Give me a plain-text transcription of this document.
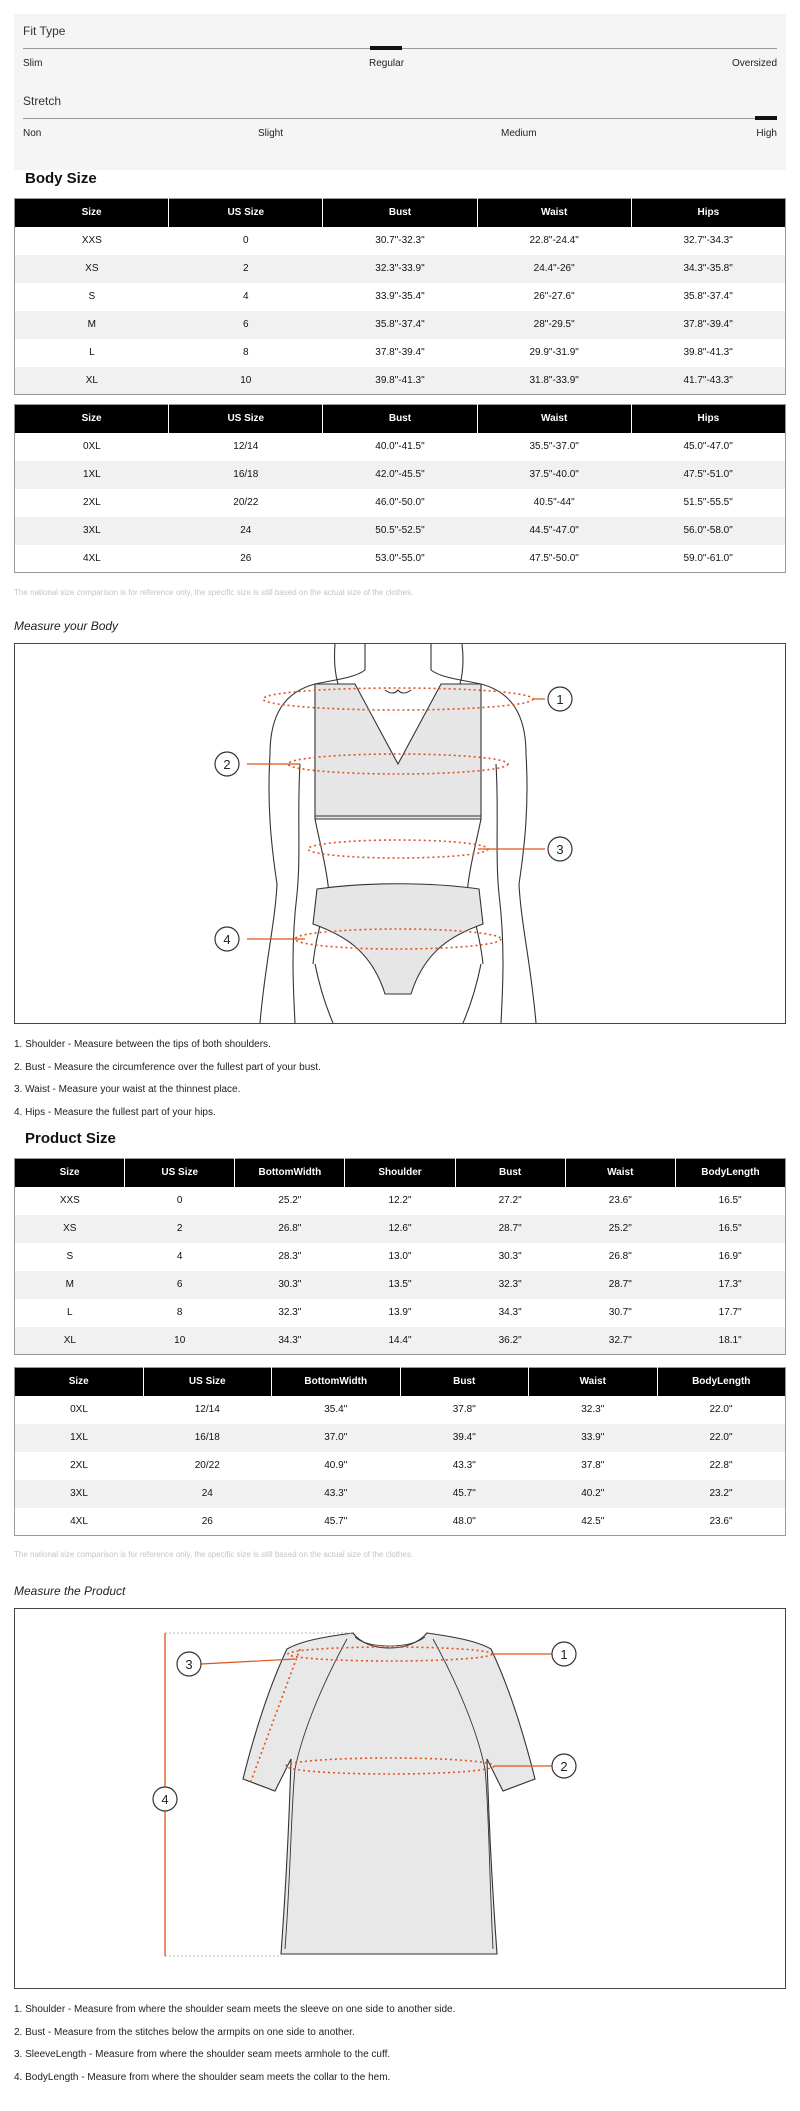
Fit Type
Slim	Regular	Oversized
Stretch
Non	Slight	Medium	High
Body Size
Size	US Size	Bust	Waist	Hips
XXS	0	30.7"-32.3"	22.8"-24.4"	32.7"-34.3"
XS	2	32.3"-33.9"	24.4"-26"	34.3"-35.8"
S	4	33.9"-35.4"	26"-27.6"	35.8"-37.4"
M	6	35.8"-37.4"	28"-29.5"	37.8"-39.4"
L	8	37.8"-39.4"	29.9"-31.9"	39.8"-41.3"
XL	10	39.8"-41.3"	31.8"-33.9"	41.7"-43.3"
Size	US Size	Bust	Waist	Hips
0XL	12/14	40.0"-41.5"	35.5"-37.0"	45.0"-47.0"
1XL	16/18	42.0"-45.5"	37.5"-40.0"	47.5"-51.0"
2XL	20/22	46.0"-50.0"	40.5"-44"	51.5"-55.5"
3XL	24	50.5"-52.5"	44.5"-47.0"	56.0"-58.0"
4XL	26	53.0"-55.0"	47.5"-50.0"	59.0"-61.0"
The national size comparison is for reference only, the specific size is still based on the actual size of the clothes.
Measure your Body
1
2
3
4
1. Shoulder - Measure between the tips of both shoulders.
2. Bust - Measure the circumference over the fullest part of your bust.
3. Waist - Measure your waist at the thinnest place.
4. Hips - Measure the fullest part of your hips.
Product Size
Size	US Size	BottomWidth	Shoulder	Bust	Waist	BodyLength
XXS	0	25.2"	12.2"	27.2"	23.6"	16.5"
XS	2	26.8"	12.6"	28.7"	25.2"	16.5"
S	4	28.3"	13.0"	30.3"	26.8"	16.9"
M	6	30.3"	13.5"	32.3"	28.7"	17.3"
L	8	32.3"	13.9"	34.3"	30.7"	17.7"
XL	10	34.3"	14.4"	36.2"	32.7"	18.1"
Size	US Size	BottomWidth	Bust	Waist	BodyLength
0XL	12/14	35.4"	37.8"	32.3"	22.0"
1XL	16/18	37.0"	39.4"	33.9"	22.0"
2XL	20/22	40.9"	43.3"	37.8"	22.8"
3XL	24	43.3"	45.7"	40.2"	23.2"
4XL	26	45.7"	48.0"	42.5"	23.6"
The national size comparison is for reference only, the specific size is still based on the actual size of the clothes.
Measure the Product
1
2
3
4
1. Shoulder - Measure from where the shoulder seam meets the sleeve on one side to another side.
2. Bust - Measure from the stitches below the armpits on one side to another.
3. SleeveLength - Measure from where the shoulder seam meets armhole to the cuff.
4. BodyLength - Measure from where the shoulder seam meets the collar to the hem.
